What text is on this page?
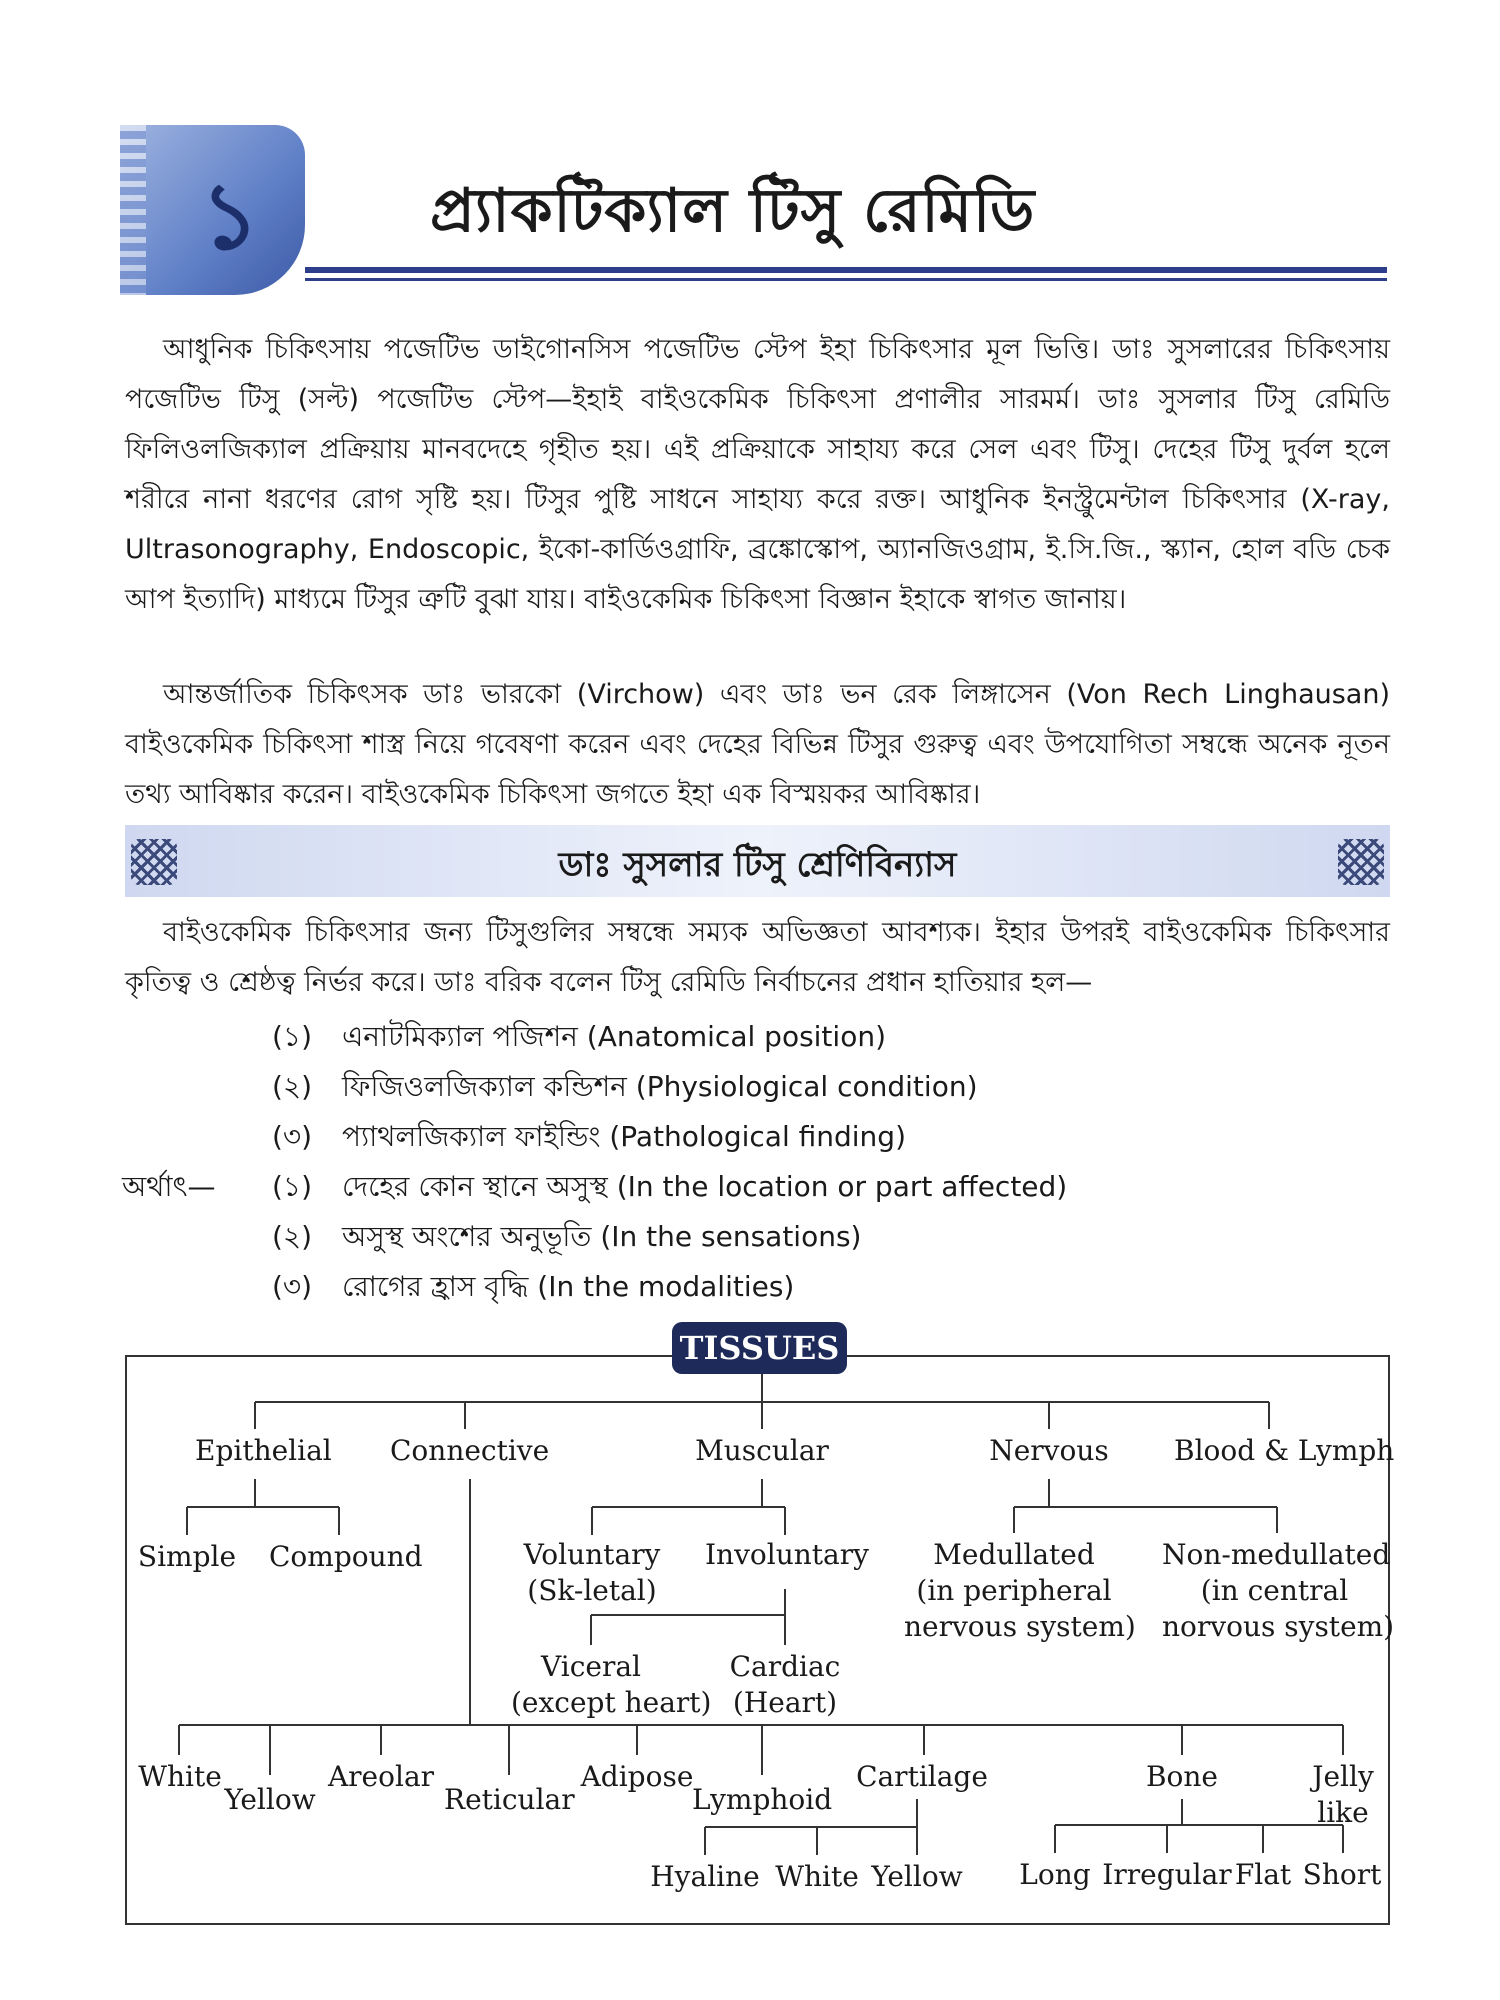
১	প্র্যাকটিক্যাল টিসু রেমিডি
আধুনিক চিকিৎসায় পজেটিভ ডাইগোনসিস পজেটিভ স্টেপ ইহা চিকিৎসার মূল ভিত্তি। ডাঃ সুসলারের চিকিৎসায় পজেটিভ টিসু (সল্ট) পজেটিভ স্টেপ—ইহাই বাইওকেমিক চিকিৎসা প্রণালীর সারমর্ম। ডাঃ সুসলার টিসু রেমিডি ফিলিওলজিক্যাল প্রক্রিয়ায় মানবদেহে গৃহীত হয়। এই প্রক্রিয়াকে সাহায্য করে সেল এবং টিসু। দেহের টিসু দুর্বল হলে শরীরে নানা ধরণের রোগ সৃষ্টি হয়। টিসুর পুষ্টি সাধনে সাহায্য করে রক্ত। আধুনিক ইনস্ট্রুমেন্টাল চিকিৎসার (X-ray, Ultrasonography, Endoscopic, ইকো-কার্ডিওগ্রাফি, ব্রঙ্কোস্কোপ, অ্যানজিওগ্রাম, ই.সি.জি., স্ক্যান, হোল বডি চেক আপ ইত্যাদি) মাধ্যমে টিসুর ত্রুটি বুঝা যায়। বাইওকেমিক চিকিৎসা বিজ্ঞান ইহাকে স্বাগত জানায়।
আন্তর্জাতিক চিকিৎসক ডাঃ ভারকো (Virchow) এবং ডাঃ ভন রেক লিঙ্গাসেন (Von Rech Linghausan) বাইওকেমিক চিকিৎসা শাস্ত্র নিয়ে গবেষণা করেন এবং দেহের বিভিন্ন টিসুর গুরুত্ব এবং উপযোগিতা সম্বন্ধে অনেক নূতন তথ্য আবিষ্কার করেন। বাইওকেমিক চিকিৎসা জগতে ইহা এক বিস্ময়কর আবিষ্কার।
ডাঃ সুসলার টিসু শ্রেণিবিন্যাস
বাইওকেমিক চিকিৎসার জন্য টিসুগুলির সম্বন্ধে সম্যক অভিজ্ঞতা আবশ্যক। ইহার উপরই বাইওকেমিক চিকিৎসার কৃতিত্ব ও শ্রেষ্ঠত্ব নির্ভর করে। ডাঃ বরিক বলেন টিসু রেমিডি নির্বাচনের প্রধান হাতিয়ার হল—
(১) এনাটমিক্যাল পজিশন (Anatomical position)
(২) ফিজিওলজিক্যাল কন্ডিশন (Physiological condition)
(৩) প্যাথলজিক্যাল ফাইন্ডিং (Pathological finding)
অর্থাৎ— (১) দেহের কোন স্থানে অসুস্থ (In the location or part affected)
(২) অসুস্থ অংশের অনুভূতি (In the sensations)
(৩) রোগের হ্রাস বৃদ্ধি (In the modalities)
Epithelial Connective	Muscular	Nervous Blood & Lymph
Simple Compound	Voluntary
(Sk-letal)
Involuntary
Viceral
(except heart)
Cardiac
(Heart)
Medullated
(in peripheral
nervous system)
Non-medullated
(in central
norvous system)
White
Yellow
Areolar
Reticular
Adipose
Lymphoid
Cartilage	Bone	Jelly
like
Hyaline White Yellow Long Irregular Flat Short
TISSUES
